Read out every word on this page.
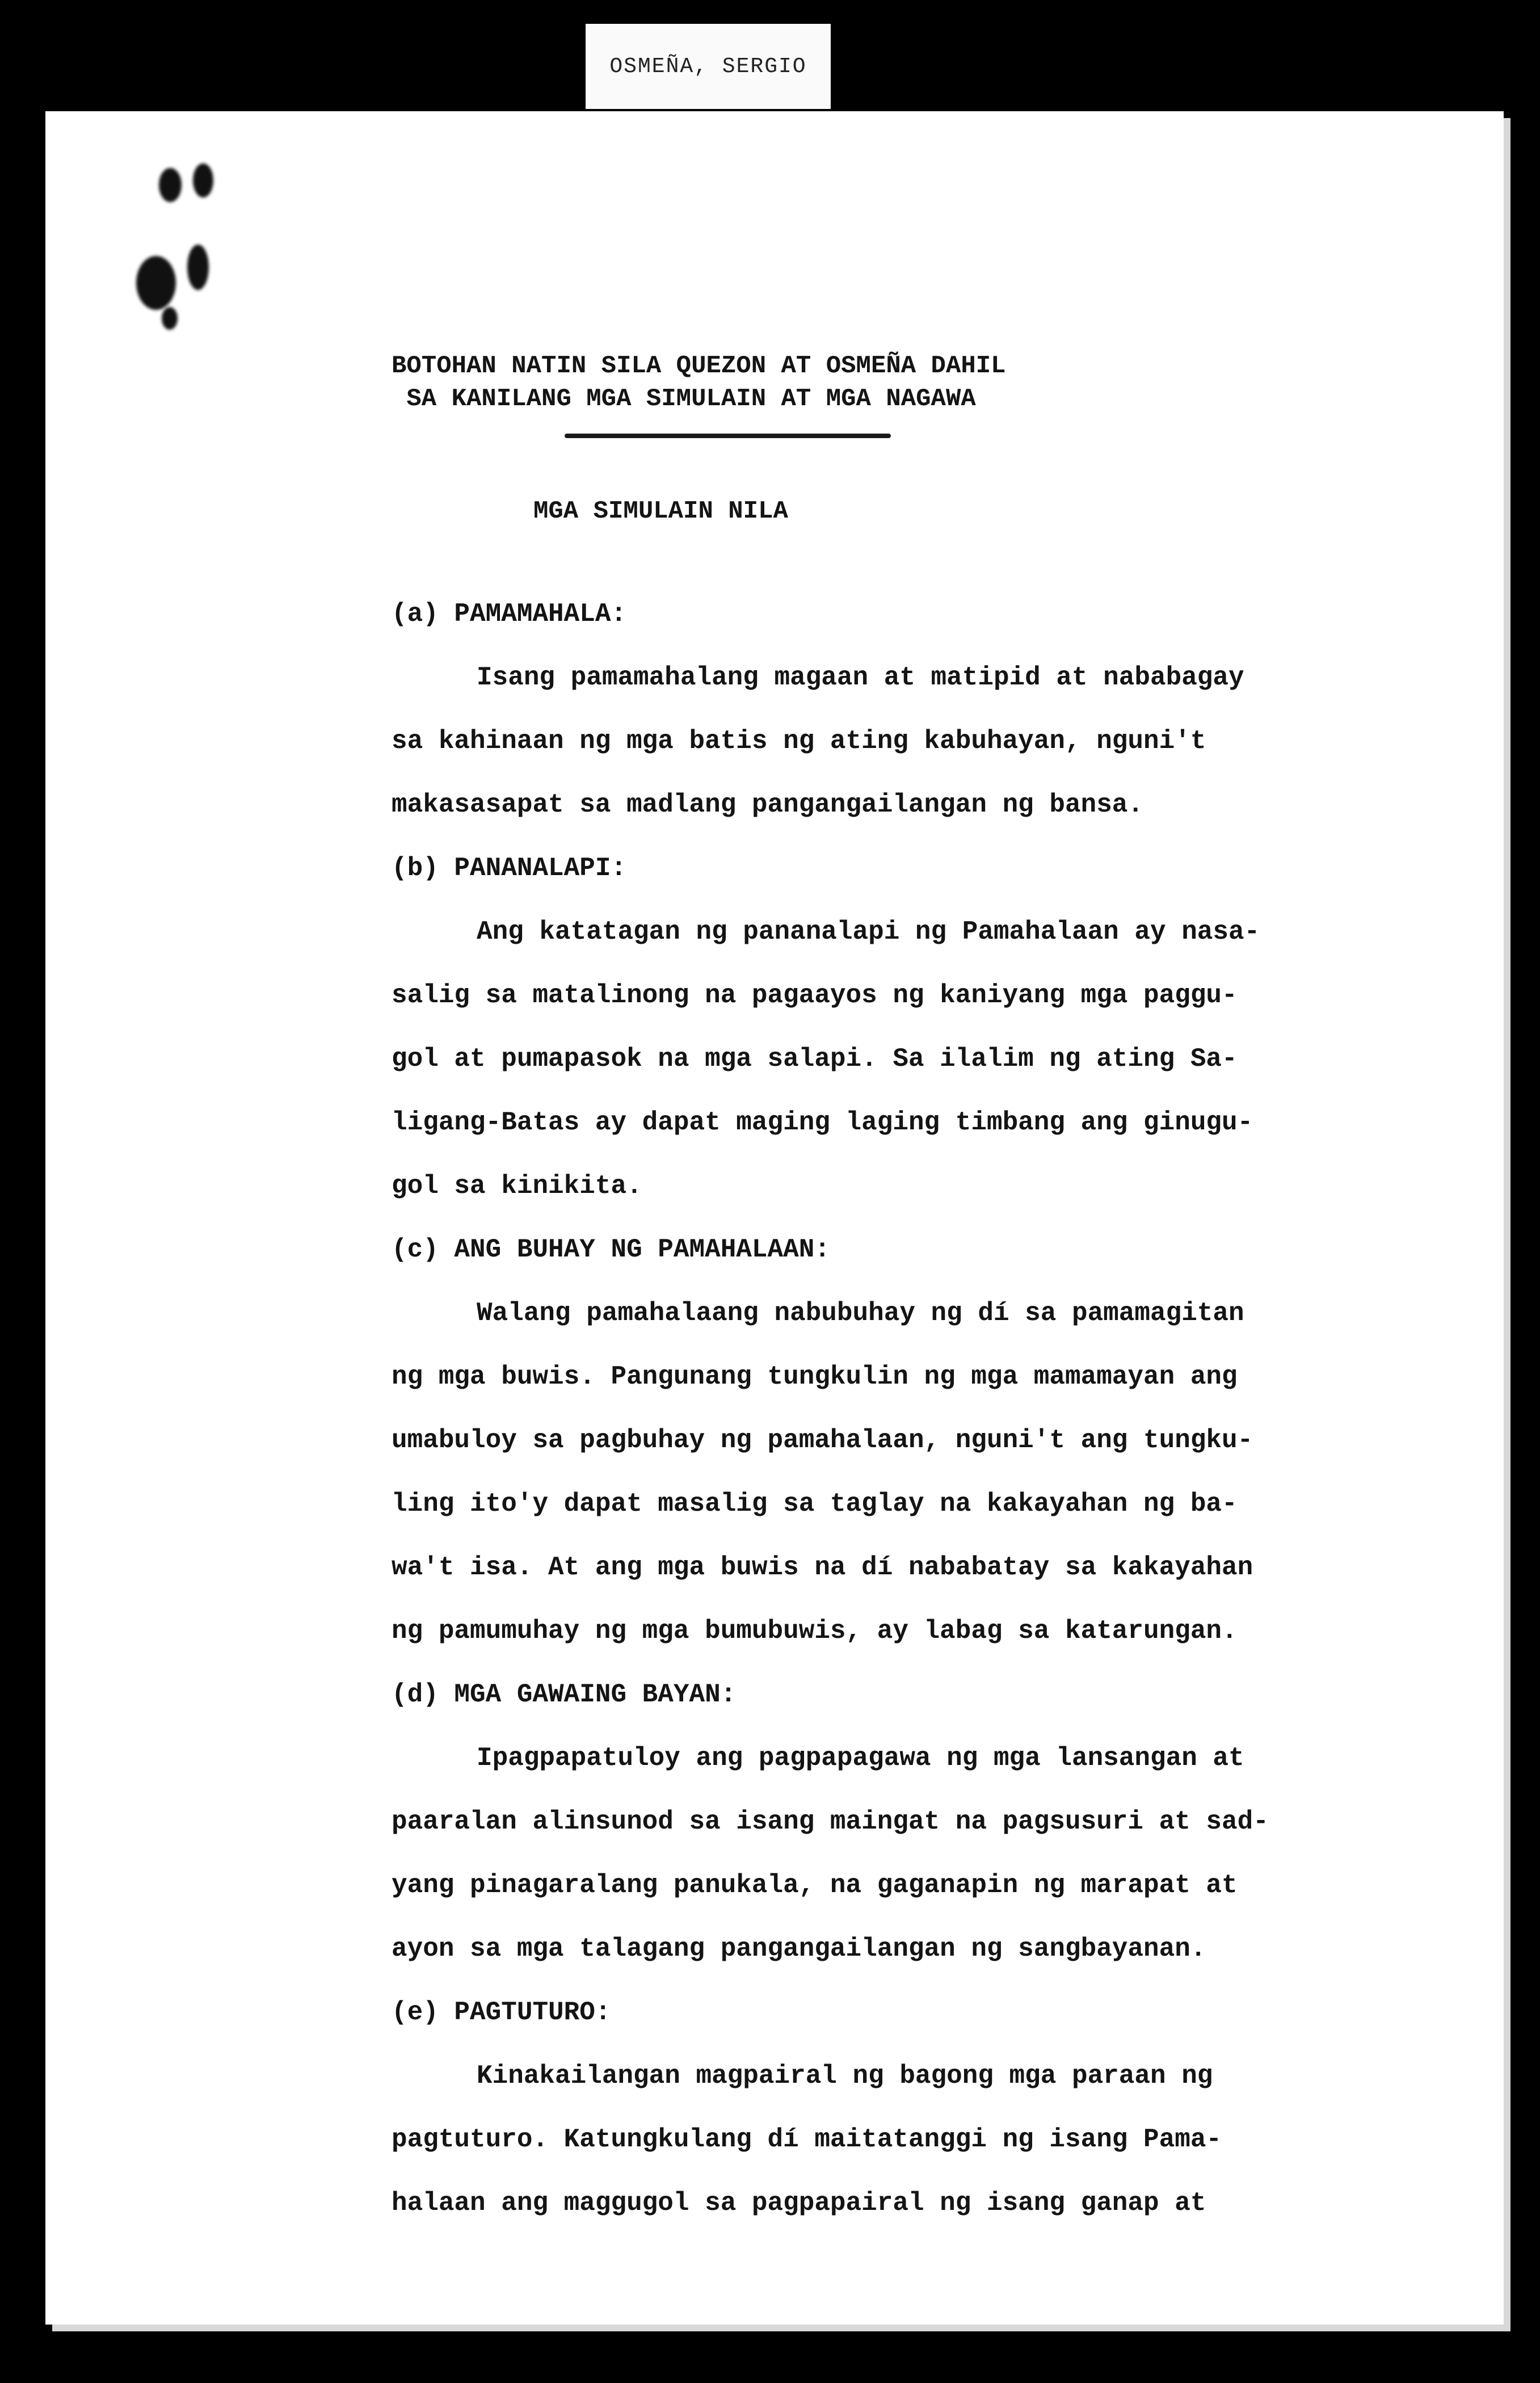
OSMEÑA, SERGIO
BOTOHAN NATIN SILA QUEZON AT OSMEÑA DAHIL
SA KANILANG MGA SIMULAIN AT MGA NAGAWA
MGA SIMULAIN NILA
(a) PAMAMAHALA:
Isang pamamahalang magaan at matipid at nababagay
sa kahinaan ng mga batis ng ating kabuhayan, nguni't
makasasapat sa madlang pangangailangan ng bansa.
(b) PANANALAPI:
Ang katatagan ng pananalapi ng Pamahalaan ay nasa-
salig sa matalinong na pagaayos ng kaniyang mga paggu-
gol at pumapasok na mga salapi. Sa ilalim ng ating Sa-
ligang-Batas ay dapat maging laging timbang ang ginugu-
gol sa kinikita.
(c) ANG BUHAY NG PAMAHALAAN:
Walang pamahalaang nabubuhay ng dí sa pamamagitan
ng mga buwis. Pangunang tungkulin ng mga mamamayan ang
umabuloy sa pagbuhay ng pamahalaan, nguni't ang tungku-
ling ito'y dapat masalig sa taglay na kakayahan ng ba-
wa't isa. At ang mga buwis na dí nababatay sa kakayahan
ng pamumuhay ng mga bumubuwis, ay labag sa katarungan.
(d) MGA GAWAING BAYAN:
Ipagpapatuloy ang pagpapagawa ng mga lansangan at
paaralan alinsunod sa isang maingat na pagsusuri at sad-
yang pinagaralang panukala, na gaganapin ng marapat at
ayon sa mga talagang pangangailangan ng sangbayanan.
(e) PAGTUTURO:
Kinakailangan magpairal ng bagong mga paraan ng
pagtuturo. Katungkulang dí maitatanggi ng isang Pama-
halaan ang maggugol sa pagpapairal ng isang ganap at
